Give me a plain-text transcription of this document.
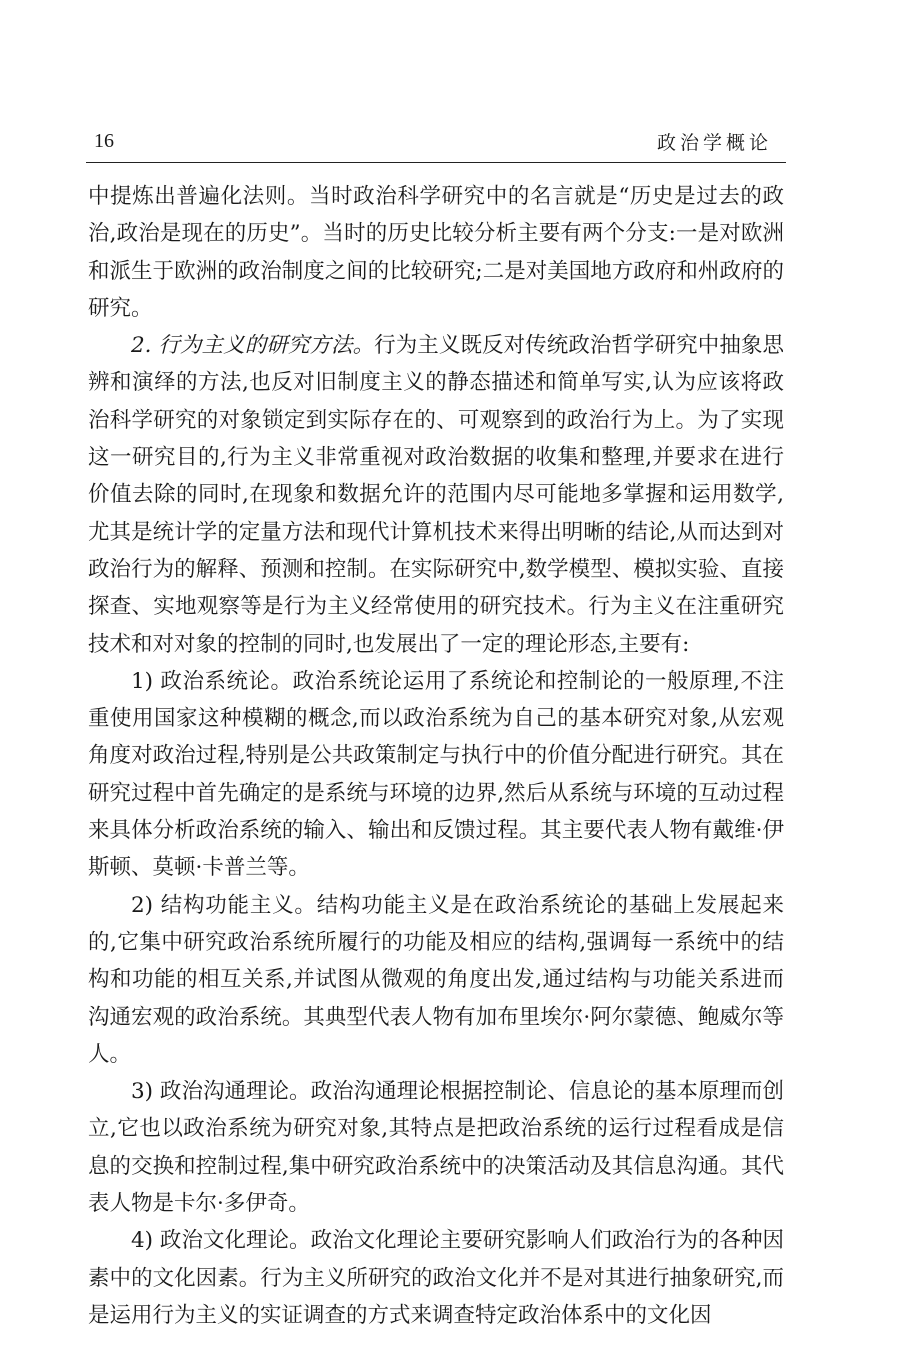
16	政治学概论

中提炼出普遍化法则。当时政治科学研究中的名言就是“历史是过去的政治,政治是现在的历史”。当时的历史比较分析主要有两个分支:一是对欧洲和派生于欧洲的政治制度之间的比较研究;二是对美国地方政府和州政府的研究。

2. 行为主义的研究方法。行为主义既反对传统政治哲学研究中抽象思辨和演绎的方法,也反对旧制度主义的静态描述和简单写实,认为应该将政治科学研究的对象锁定到实际存在的、可观察到的政治行为上。为了实现这一研究目的,行为主义非常重视对政治数据的收集和整理,并要求在进行价值去除的同时,在现象和数据允许的范围内尽可能地多掌握和运用数学,尤其是统计学的定量方法和现代计算机技术来得出明晰的结论,从而达到对政治行为的解释、预测和控制。在实际研究中,数学模型、模拟实验、直接探查、实地观察等是行为主义经常使用的研究技术。行为主义在注重研究技术和对对象的控制的同时,也发展出了一定的理论形态,主要有:

1) 政治系统论。政治系统论运用了系统论和控制论的一般原理,不注重使用国家这种模糊的概念,而以政治系统为自己的基本研究对象,从宏观角度对政治过程,特别是公共政策制定与执行中的价值分配进行研究。其在研究过程中首先确定的是系统与环境的边界,然后从系统与环境的互动过程来具体分析政治系统的输入、输出和反馈过程。其主要代表人物有戴维·伊斯顿、莫顿·卡普兰等。

2) 结构功能主义。结构功能主义是在政治系统论的基础上发展起来的,它集中研究政治系统所履行的功能及相应的结构,强调每一系统中的结构和功能的相互关系,并试图从微观的角度出发,通过结构与功能关系进而沟通宏观的政治系统。其典型代表人物有加布里埃尔·阿尔蒙德、鲍威尔等人。

3) 政治沟通理论。政治沟通理论根据控制论、信息论的基本原理而创立,它也以政治系统为研究对象,其特点是把政治系统的运行过程看成是信息的交换和控制过程,集中研究政治系统中的决策活动及其信息沟通。其代表人物是卡尔·多伊奇。

4) 政治文化理论。政治文化理论主要研究影响人们政治行为的各种因素中的文化因素。行为主义所研究的政治文化并不是对其进行抽象研究,而是运用行为主义的实证调查的方式来调查特定政治体系中的文化因
